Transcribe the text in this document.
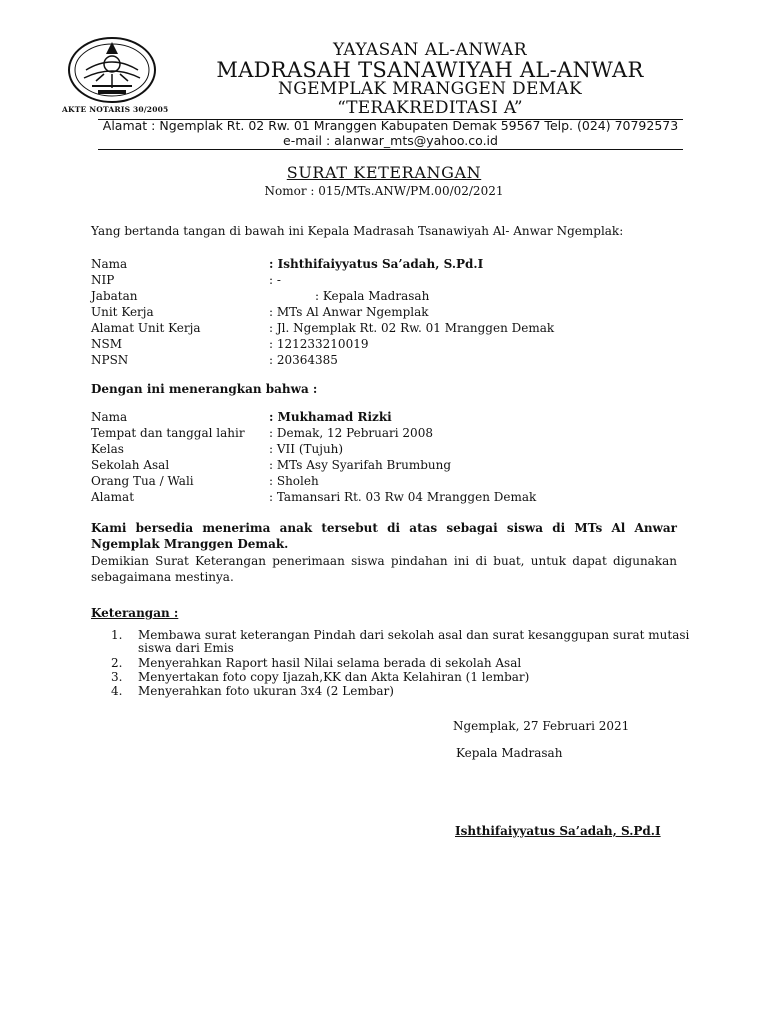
AKTE NOTARIS 30/2005
YAYASAN AL-ANWAR
MADRASAH TSANAWIYAH AL-ANWAR
NGEMPLAK MRANGGEN DEMAK
“TERAKREDITASI A”
Alamat : Ngemplak Rt. 02 Rw. 01 Mranggen Kabupaten Demak 59567 Telp. (024) 70792573
e-mail : alanwar_mts@yahoo.co.id
SURAT KETERANGAN
Nomor : 015/MTs.ANW/PM.00/02/2021
Yang bertanda tangan di bawah ini Kepala Madrasah Tsanawiyah Al- Anwar Ngemplak:
Nama	: Ishthifaiyyatus Sa’adah, S.Pd.I
NIP	: -
Jabatan	: Kepala Madrasah
Unit Kerja	: MTs Al Anwar Ngemplak
Alamat Unit Kerja	: Jl. Ngemplak Rt. 02 Rw. 01 Mranggen Demak
NSM	: 121233210019
NPSN	: 20364385
Dengan ini menerangkan bahwa :
Nama	: Mukhamad Rizki
Tempat dan tanggal lahir : Demak, 12 Pebruari 2008
Kelas	: VII (Tujuh)
Sekolah Asal	: MTs Asy Syarifah Brumbung
Orang Tua / Wali	: Sholeh
Alamat	: Tamansari Rt. 03 Rw 04 Mranggen Demak
Kami bersedia menerima anak tersebut di atas sebagai siswa di MTs Al Anwar Ngemplak Mranggen Demak.
Demikian Surat Keterangan penerimaan siswa pindahan ini di buat, untuk dapat digunakan sebagaimana mestinya.
Keterangan :
1. Membawa surat keterangan Pindah dari sekolah asal dan surat kesanggupan surat mutasi siswa dari Emis
2. Menyerahkan Raport hasil Nilai selama berada di sekolah Asal
3. Menyertakan foto copy Ijazah,KK dan Akta Kelahiran (1 lembar)
4. Menyerahkan foto ukuran 3x4 (2 Lembar)
Ngemplak, 27 Februari 2021
Kepala Madrasah
Ishthifaiyyatus Sa’adah, S.Pd.I
